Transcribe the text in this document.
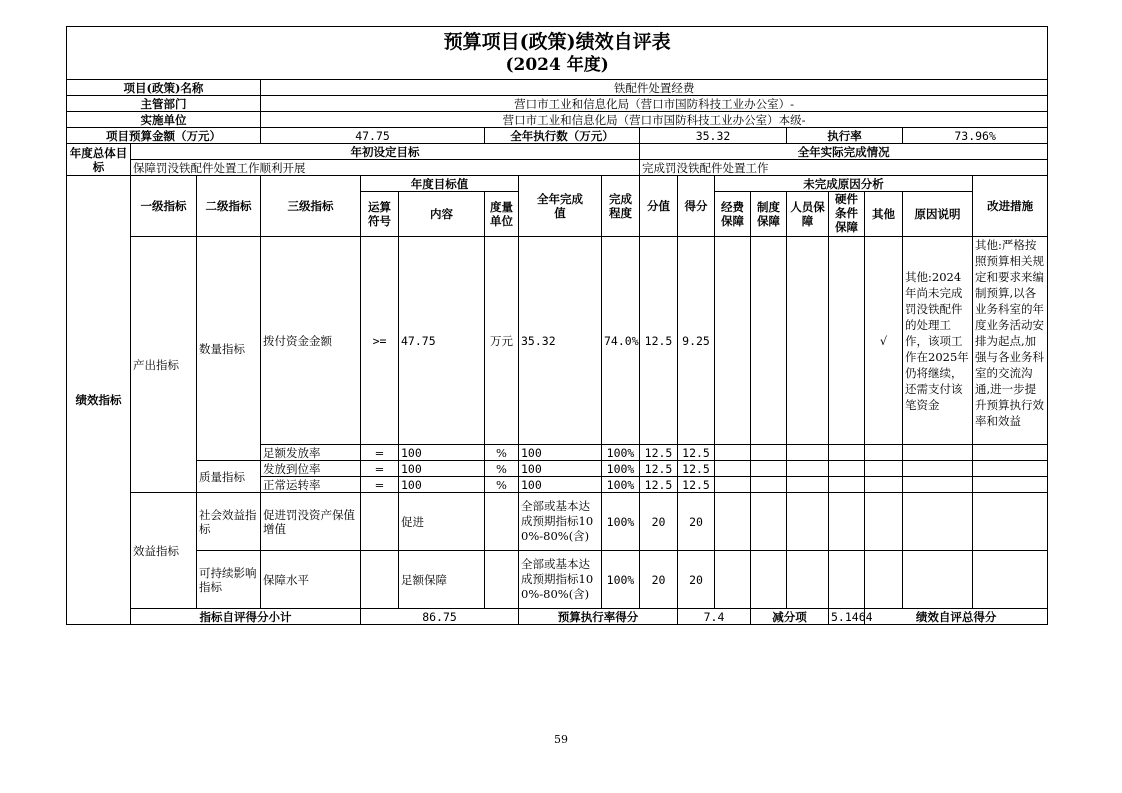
预算项目(政策)绩效自评表
(2024 年度)																		

项目(政策)名称			铁配件处置经费															
主管部门			营口市工业和信息化局（营口市国防科技工业办公室）-															
实施单位			营口市工业和信息化局（营口市国防科技工业办公室）本级-															
项目预算金额（万元）			47.75			全年执行数（万元）			35.32				执行率			73.96%		
年度总体目标	年初设定目标								全年实际完成情况									
	保障罚没铁配件处置工作顺利开展								完成罚没铁配件处置工作									
绩效指标	一级指标	二级指标	三级指标	年度目标值			全年完成值	完成程度	分值	得分	未完成原因分析						改进措施	
				运算符号	内容	度量单位					经费保障	制度保障	人员保障	硬件条件保障	其他	原因说明		
	产出指标	数量指标	拨付资金金额	>=	47.75	万元	35.32	74.0%	12.5	9.25					√	其他:2024年尚未完成罚没铁配件的处理工作，该项工作在2025年仍将继续，还需支付该笔资金	其他:严格按照预算相关规定和要求来编制预算,以各业务科室的年度业务活动安排为起点,加强与各业务科室的交流沟通,进一步提升预算执行效率和效益	

			足额发放率	=	100	%	100	100%	12.5	12.5								
		质量指标	发放到位率	=	100	%	100	100%	12.5	12.5								
			正常运转率	=	100	%	100	100%	12.5	12.5								
	效益指标	社会效益指标	促进罚没资产保值增值		促进		全部或基本达成预期指标100%-80%(含)	100%	20	20								
		可持续影响指标	保障水平		足额保障		全部或基本达成预期指标100%-80%(含)	100%	20	20								
	指标自评得分小计			86.75			预算执行率得分			7.4		减分项		5.1464	绩效自评总得分	
59
